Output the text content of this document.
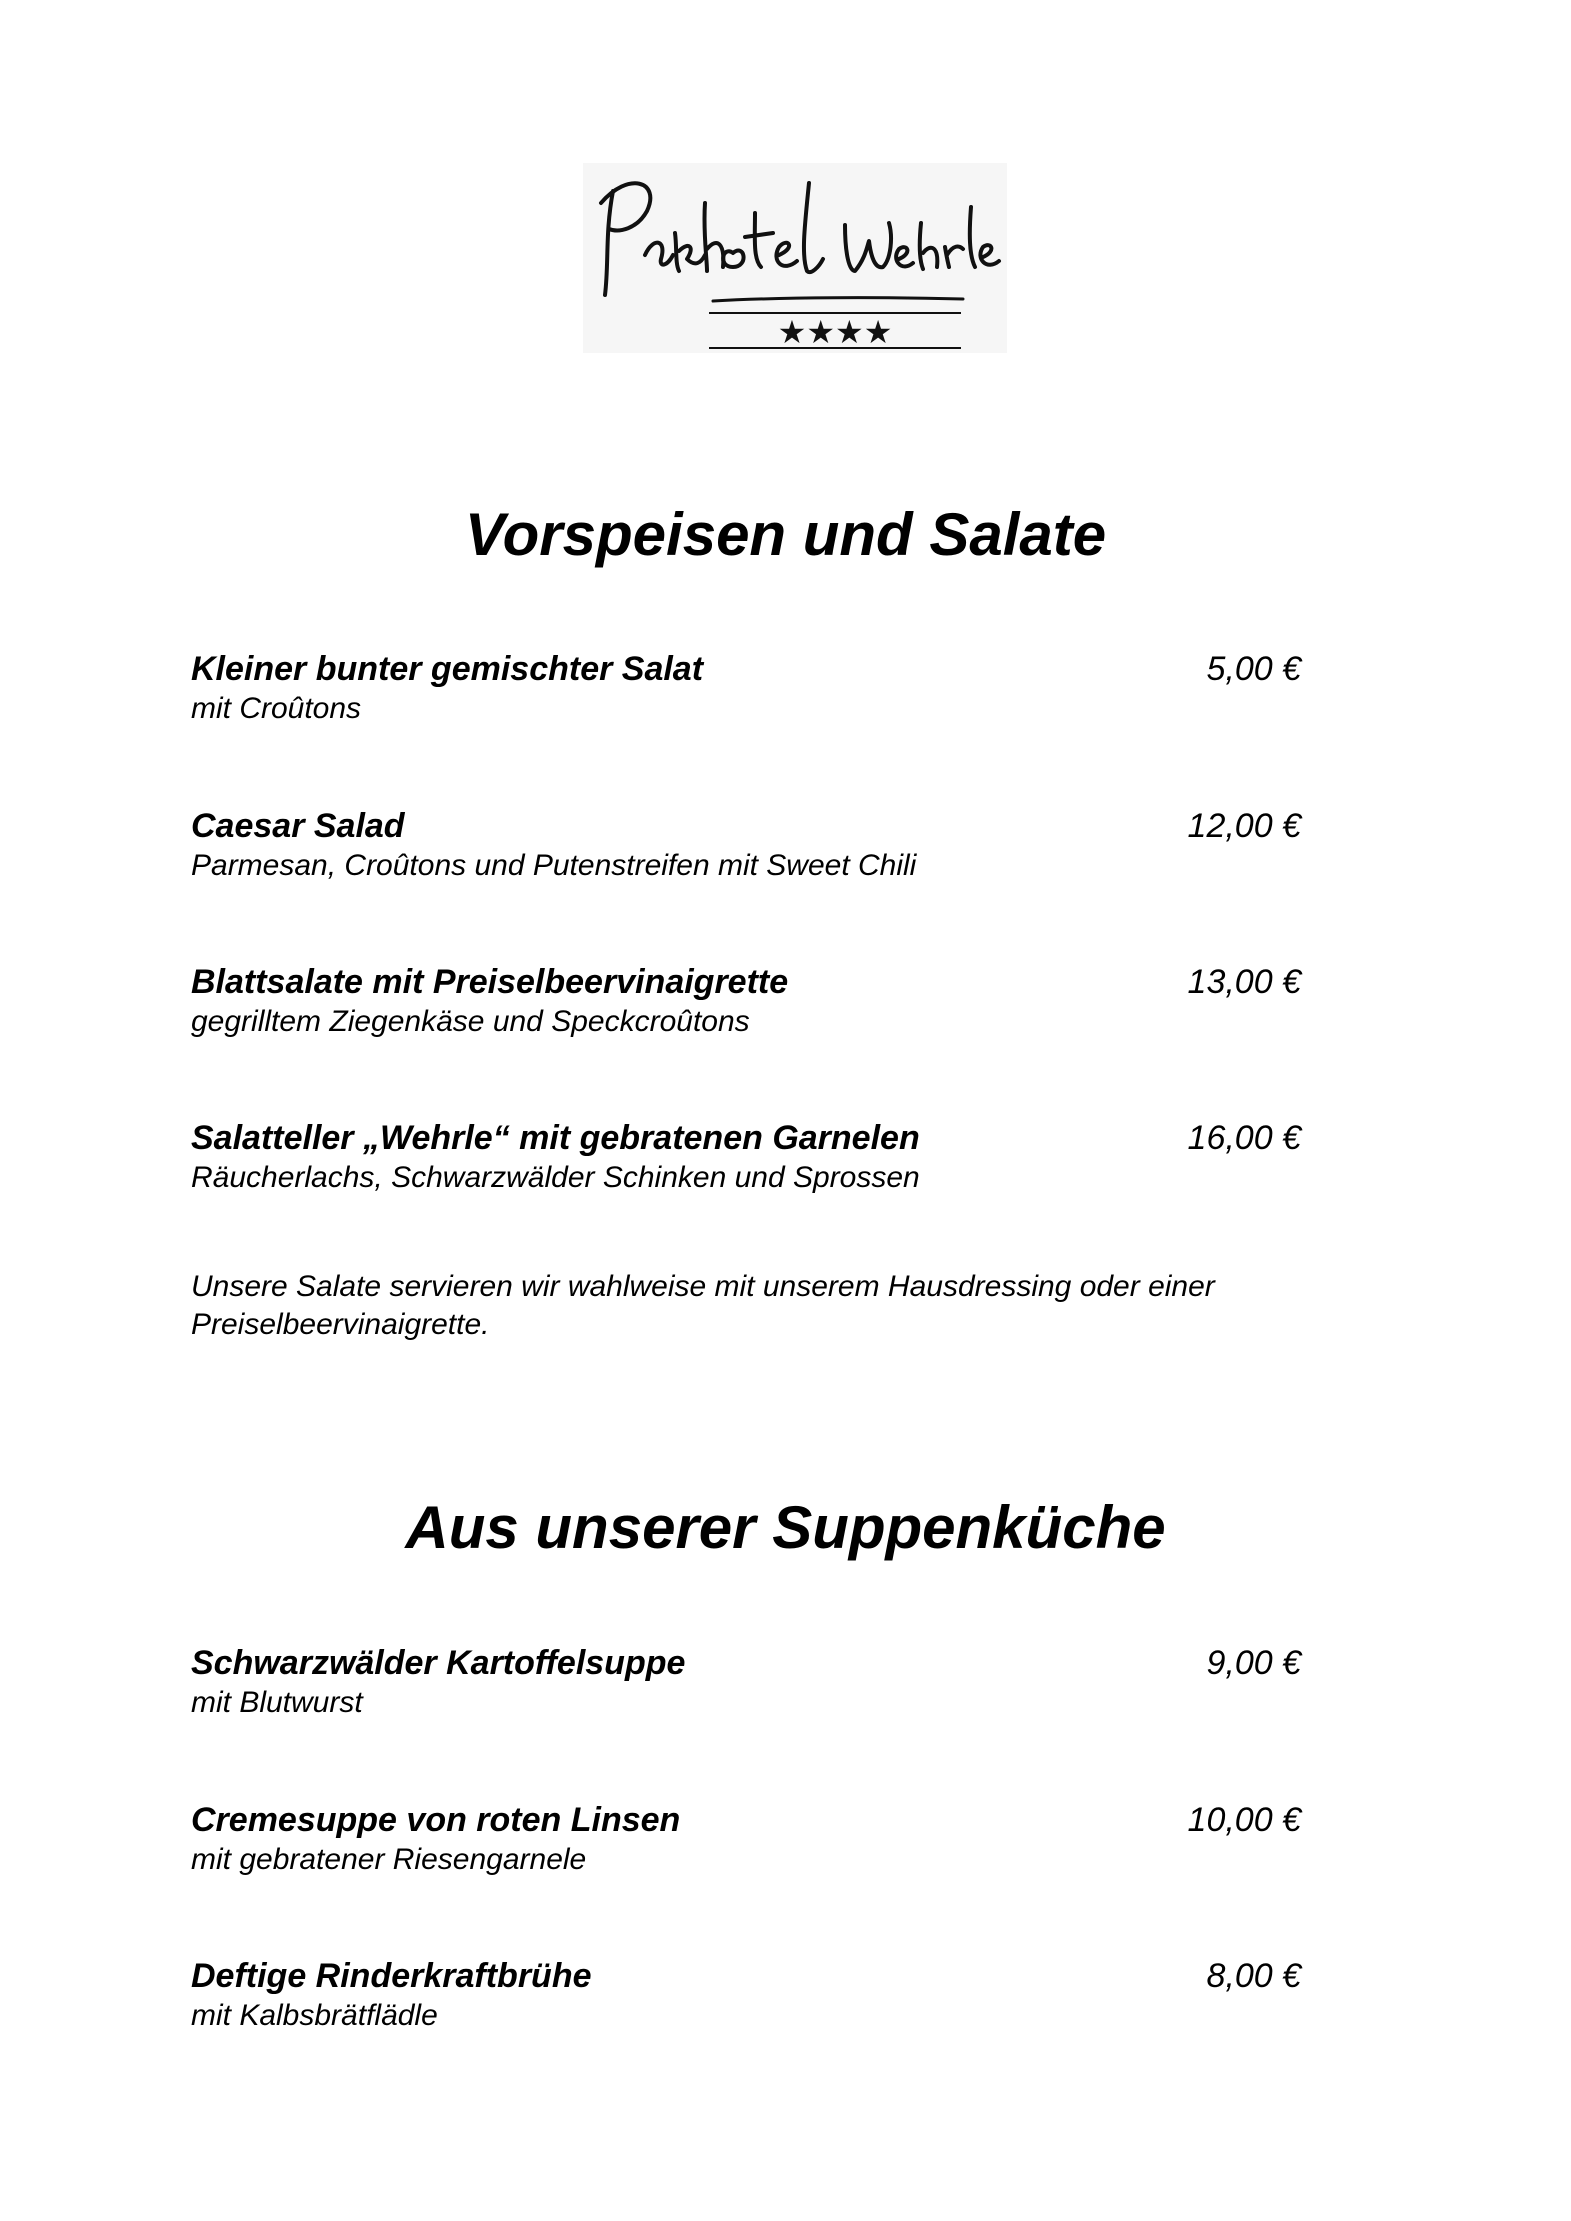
★★★★
Vorspeisen und Salate
Kleiner bunter gemischter Salat
mit Croûtons
5,00 €
Caesar Salad
Parmesan, Croûtons und Putenstreifen mit Sweet Chili
12,00 €
Blattsalate mit Preiselbeervinaigrette
gegrilltem Ziegenkäse und Speckcroûtons
13,00 €
Salatteller „Wehrle“ mit gebratenen Garnelen
Räucherlachs, Schwarzwälder Schinken und Sprossen
16,00 €
Unsere Salate servieren wir wahlweise mit unserem Hausdressing oder einer Preiselbeervinaigrette.
Aus unserer Suppenküche
Schwarzwälder Kartoffelsuppe
mit Blutwurst
9,00 €
Cremesuppe von roten Linsen
mit gebratener Riesengarnele
10,00 €
Deftige Rinderkraftbrühe
mit Kalbsbrätflädle
8,00 €
